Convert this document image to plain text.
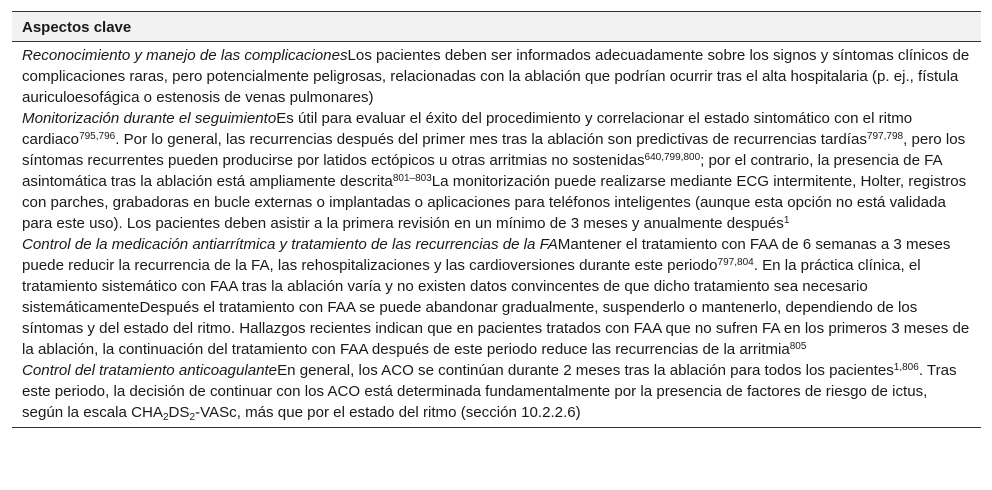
Aspectos clave

Reconocimiento y manejo de las complicacionesLos pacientes deben ser informados adecuadamente sobre los signos y síntomas clínicos de complicaciones raras, pero potencialmente peligrosas, relacionadas con la ablación que podrían ocurrir tras el alta hospitalaria (p. ej., fístula auriculoesofágica o estenosis de venas pulmonares)

Monitorización durante el seguimientoEs útil para evaluar el éxito del procedimiento y correlacionar el estado sintomático con el ritmo cardiaco$^{795,796}$. Por lo general, las recurrencias después del primer mes tras la ablación son predictivas de recurrencias tardías$^{797,798}$, pero los síntomas recurrentes pueden producirse por latidos ectópicos u otras arritmias no sostenidas$^{640,799,800}$; por el contrario, la presencia de FA asintomática tras la ablación está ampliamente descrita$^{801-803}$La monitorización puede realizarse mediante ECG intermitente, Holter, registros con parches, grabadoras en bucle externas o implantadas o aplicaciones para teléfonos inteligentes (aunque esta opción no está validada para este uso). Los pacientes deben asistir a la primera revisión en un mínimo de 3 meses y anualmente después$^1$

Control de la medicación antiarrítmica y tratamiento de las recurrencias de la FAMantener el tratamiento con FAA de 6 semanas a 3 meses puede reducir la recurrencia de la FA, las rehospitalizaciones y las cardioversiones durante este periodo$^{797,804}$. En la práctica clínica, el tratamiento sistemático con FAA tras la ablación varía y no existen datos convincentes de que dicho tratamiento sea necesario sistemáticamenteDespués el tratamiento con FAA se puede abandonar gradualmente, suspenderlo o mantenerlo, dependiendo de los síntomas y del estado del ritmo. Hallazgos recientes indican que en pacientes tratados con FAA que no sufren FA en los primeros 3 meses de la ablación, la continuación del tratamiento con FAA después de este periodo reduce las recurrencias de la arritmia$^{805}$

Control del tratamiento anticoagulanteEn general, los ACO se continúan durante 2 meses tras la ablación para todos los pacientes$^{1,806}$. Tras este periodo, la decisión de continuar con los ACO está determinada fundamentalmente por la presencia de factores de riesgo de ictus, según la escala $CHA_2DS_2$-VASc, más que por el estado del ritmo (sección 10.2.2.6)
